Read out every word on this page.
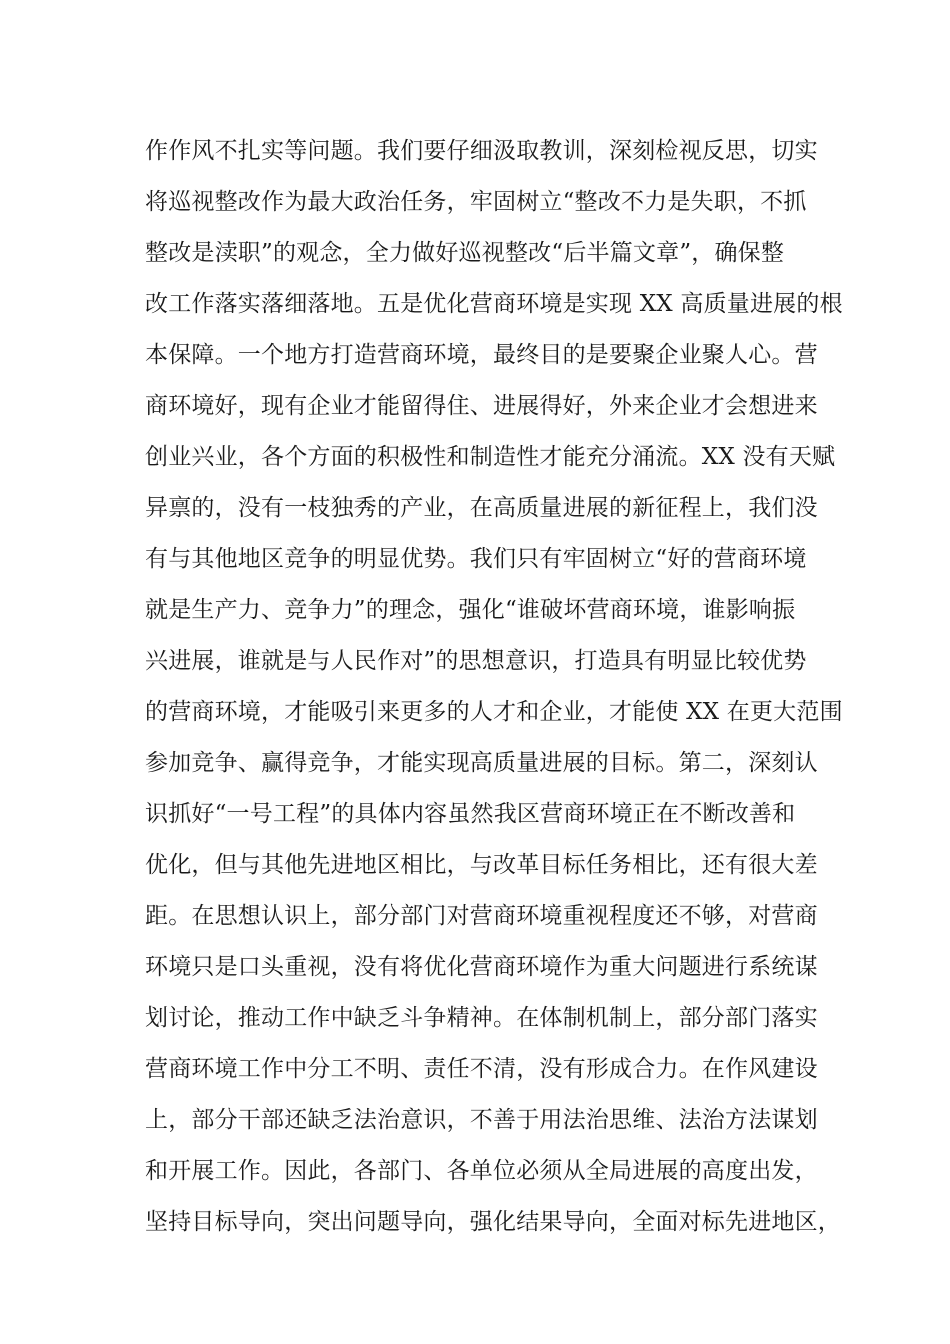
作作风不扎实等问题。我们要仔细汲取教训，深刻检视反思，切实
将巡视整改作为最大政治任务，牢固树立“整改不力是失职，不抓
整改是渎职”的观念，全力做好巡视整改“后半篇文章”，确保整
改工作落实落细落地。五是优化营商环境是实现 XX 高质量进展的根
本保障。一个地方打造营商环境，最终目的是要聚企业聚人心。营
商环境好，现有企业才能留得住、进展得好，外来企业才会想进来
创业兴业，各个方面的积极性和制造性才能充分涌流。XX 没有天赋
异禀的，没有一枝独秀的产业，在高质量进展的新征程上，我们没
有与其他地区竞争的明显优势。我们只有牢固树立“好的营商环境
就是生产力、竞争力”的理念，强化“谁破坏营商环境，谁影响振
兴进展，谁就是与人民作对”的思想意识，打造具有明显比较优势
的营商环境，才能吸引来更多的人才和企业，才能使 XX 在更大范围
参加竞争、赢得竞争，才能实现高质量进展的目标。第二，深刻认
识抓好“一号工程”的具体内容虽然我区营商环境正在不断改善和
优化，但与其他先进地区相比，与改革目标任务相比，还有很大差
距。在思想认识上，部分部门对营商环境重视程度还不够，对营商
环境只是口头重视，没有将优化营商环境作为重大问题进行系统谋
划讨论，推动工作中缺乏斗争精神。在体制机制上，部分部门落实
营商环境工作中分工不明、责任不清，没有形成合力。在作风建设
上，部分干部还缺乏法治意识，不善于用法治思维、法治方法谋划
和开展工作。因此，各部门、各单位必须从全局进展的高度出发，
坚持目标导向，突出问题导向，强化结果导向，全面对标先进地区，
